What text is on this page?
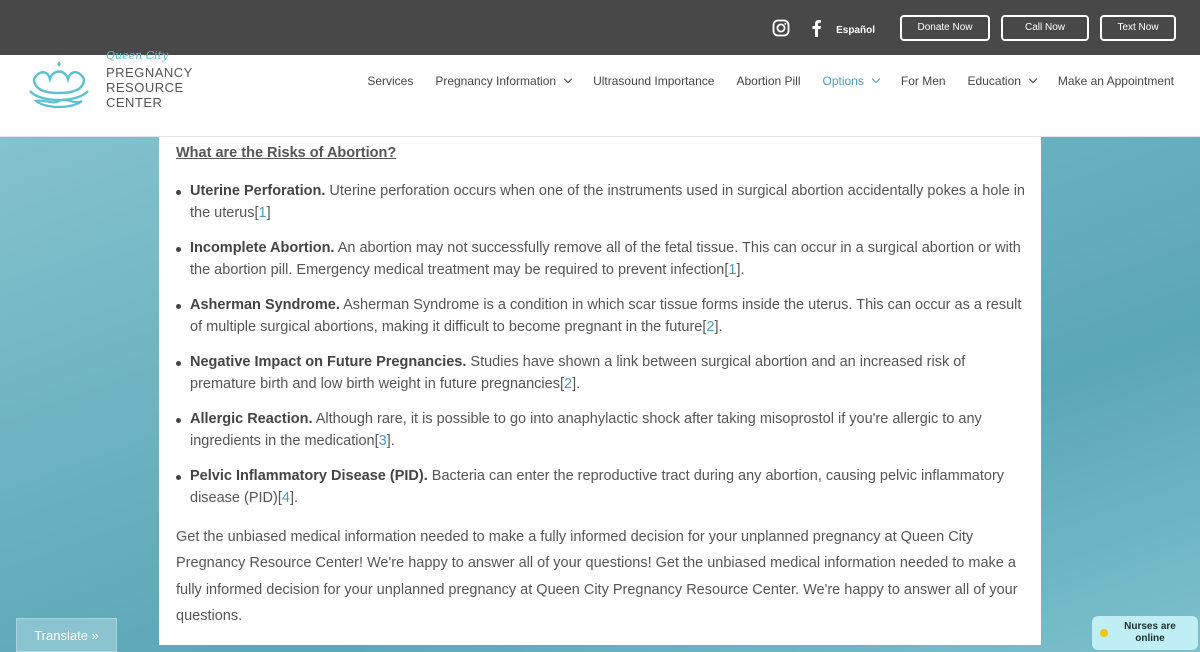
Español	Donate Now	Call Now	Text Now
Queen City
PREGNANCY
RESOURCE
CENTER
Services Pregnancy Information	Ultrasound Importance Abortion Pill Options	For Men Education	Make an Appointment
What are the Risks of Abortion?
Uterine Perforation. Uterine perforation occurs when one of the instruments used in surgical abortion accidentally pokes a hole in the uterus[1]
Incomplete Abortion. An abortion may not successfully remove all of the fetal tissue. This can occur in a surgical abortion or with the abortion pill. Emergency medical treatment may be required to prevent infection[1].
Asherman Syndrome. Asherman Syndrome is a condition in which scar tissue forms inside the uterus. This can occur as a result of multiple surgical abortions, making it difficult to become pregnant in the future[2].
Negative Impact on Future Pregnancies. Studies have shown a link between surgical abortion and an increased risk of premature birth and low birth weight in future pregnancies[2].
Allergic Reaction. Although rare, it is possible to go into anaphylactic shock after taking misoprostol if you're allergic to any ingredients in the medication[3].
Pelvic Inflammatory Disease (PID). Bacteria can enter the reproductive tract during any abortion, causing pelvic inflammatory disease (PID)[4].

Get the unbiased medical information needed to make a fully informed decision for your unplanned pregnancy at Queen City Pregnancy Resource Center! We're happy to answer all of your questions! Get the unbiased medical information needed to make a fully informed decision for your unplanned pregnancy at Queen City Pregnancy Resource Center. We're happy to answer all of your questions.

Translate »
Nurses are online
